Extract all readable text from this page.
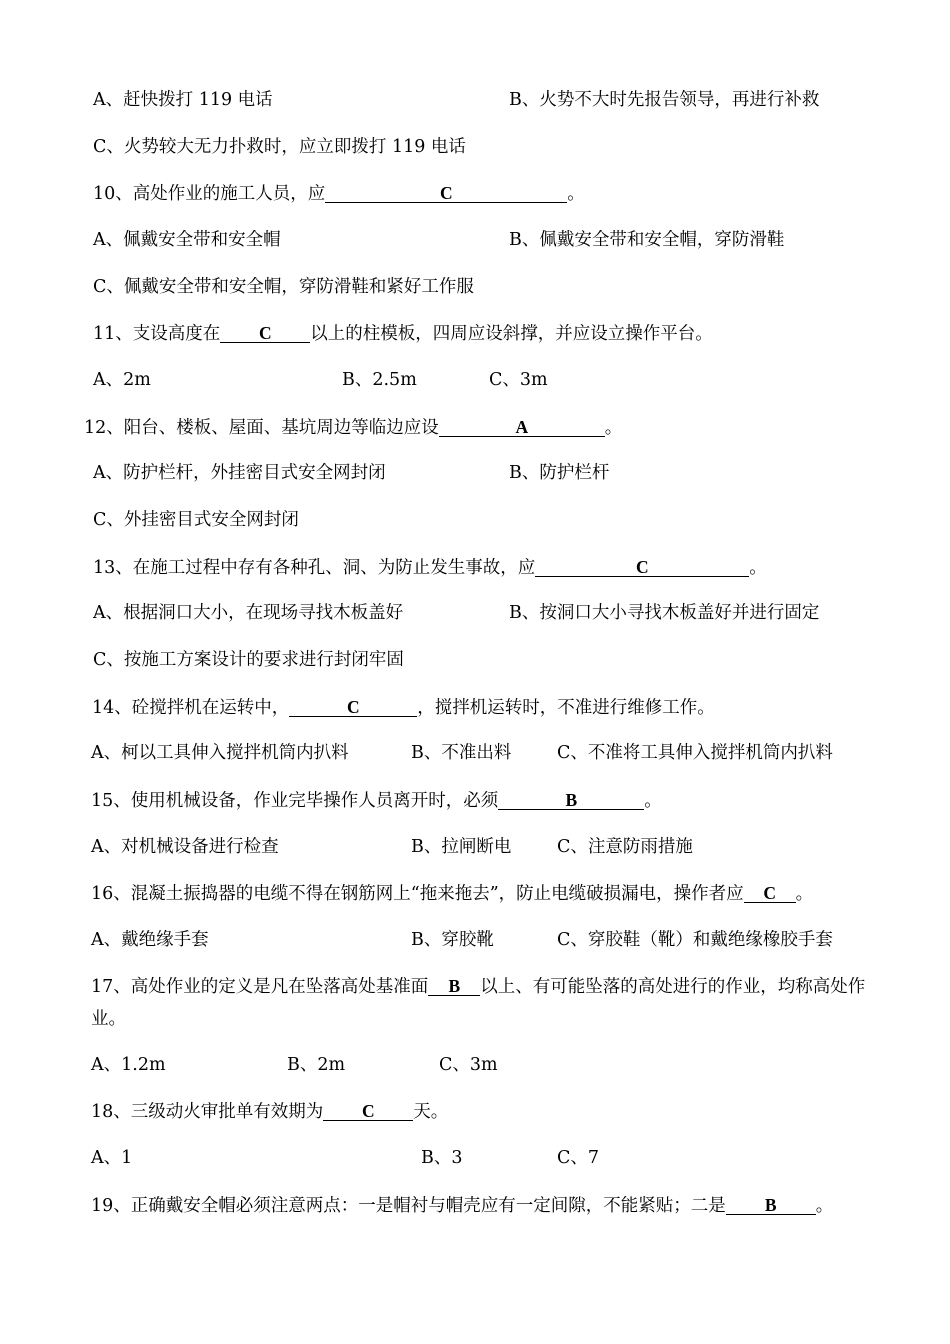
A、赶快拨打 119 电话	B、火势不大时先报告领导，再进行补救
C、火势较大无力扑救时，应立即拨打 119 电话
10、高处作业的施工人员，应	C	。
A、佩戴安全带和安全帽	B、佩戴安全带和安全帽，穿防滑鞋
C、佩戴安全带和安全帽，穿防滑鞋和紧好工作服
11、支设高度在 C 以上的柱模板，四周应设斜撑，并应设立操作平台。
A、2m	B、2.5m	C、3m
12、阳台、楼板、屋面、基坑周边等临边应设	A	。
A、防护栏杆，外挂密目式安全网封闭	B、防护栏杆
C、外挂密目式安全网封闭
13、在施工过程中存有各种孔、洞、为防止发生事故，应	C	。
A、根据洞口大小，在现场寻找木板盖好	B、按洞口大小寻找木板盖好并进行固定
C、按施工方案设计的要求进行封闭牢固
14、砼搅拌机在运转中，	C	，搅拌机运转时，不准进行维修工作。
A、柯以工具伸入搅拌机筒内扒料	B、不准出料	C、不准将工具伸入搅拌机筒内扒料
15、使用机械设备，作业完毕操作人员离开时，必须	B	。
A、对机械设备进行检查	B、拉闸断电	C、注意防雨措施
16、混凝土振捣器的电缆不得在钢筋网上“拖来拖去”，防止电缆破损漏电，操作者应 C 。
A、戴绝缘手套	B、穿胶靴	C、穿胶鞋（靴）和戴绝缘橡胶手套
17、高处作业的定义是凡在坠落高处基准面 B 以上、有可能坠落的高处进行的作业，均称高处作业。
A、1.2m	B、2m	C、3m
18、三级动火审批单有效期为 C 天。
A、1	B、3	C、7
19、正确戴安全帽必须注意两点：一是帽衬与帽壳应有一定间隙，不能紧贴；二是 B 。
